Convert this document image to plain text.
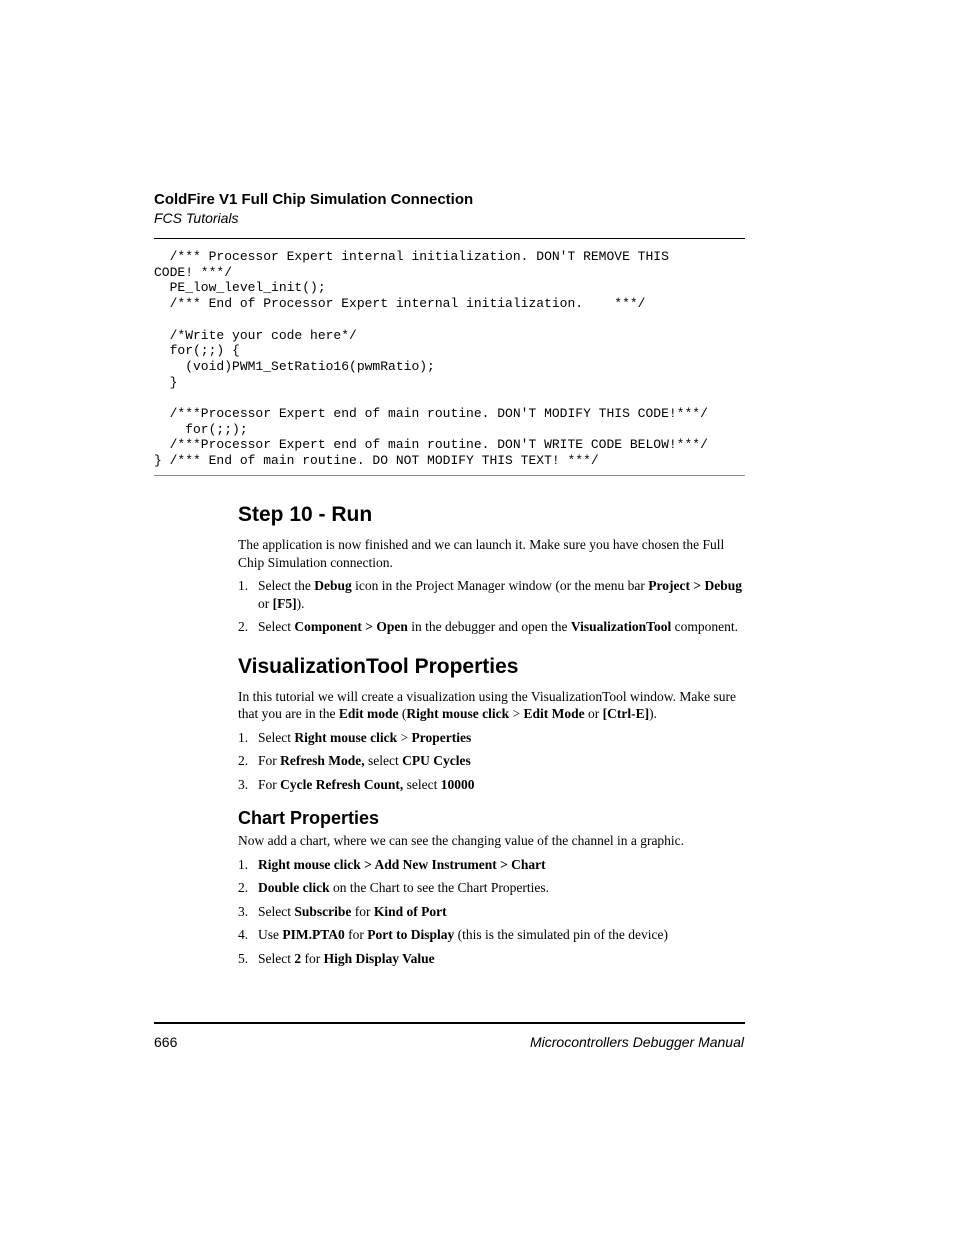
ColdFire V1 Full Chip Simulation Connection
FCS Tutorials
/*** Processor Expert internal initialization. DON'T REMOVE THIS
CODE! ***/
PE_low_level_init();
/*** End of Processor Expert internal initialization.    ***/

/*Write your code here*/
for(;;) {
(void)PWM1_SetRatio16(pwmRatio);
}

/***Processor Expert end of main routine. DON'T MODIFY THIS CODE!***/
for(;;);
/***Processor Expert end of main routine. DON'T WRITE CODE BELOW!***/
} /*** End of main routine. DO NOT MODIFY THIS TEXT! ***/
Step 10 - Run

The application is now finished and we can launch it. Make sure you have chosen the Full Chip Simulation connection.

1. Select the Debug icon in the Project Manager window (or the menu bar Project > Debug or [F5]).
2. Select Component > Open in the debugger and open the VisualizationTool component.
VisualizationTool Properties

In this tutorial we will create a visualization using the VisualizationTool window. Make sure that you are in the Edit mode (Right mouse click > Edit Mode or [Ctrl-E]).

1. Select Right mouse click > Properties
2. For Refresh Mode, select CPU Cycles
3. For Cycle Refresh Count, select 10000
Chart Properties

Now add a chart, where we can see the changing value of the channel in a graphic.

1. Right mouse click > Add New Instrument > Chart
2. Double click on the Chart to see the Chart Properties.
3. Select Subscribe for Kind of Port
4. Use PIM.PTA0 for Port to Display (this is the simulated pin of the device)
5. Select 2 for High Display Value
666	Microcontrollers Debugger Manual
